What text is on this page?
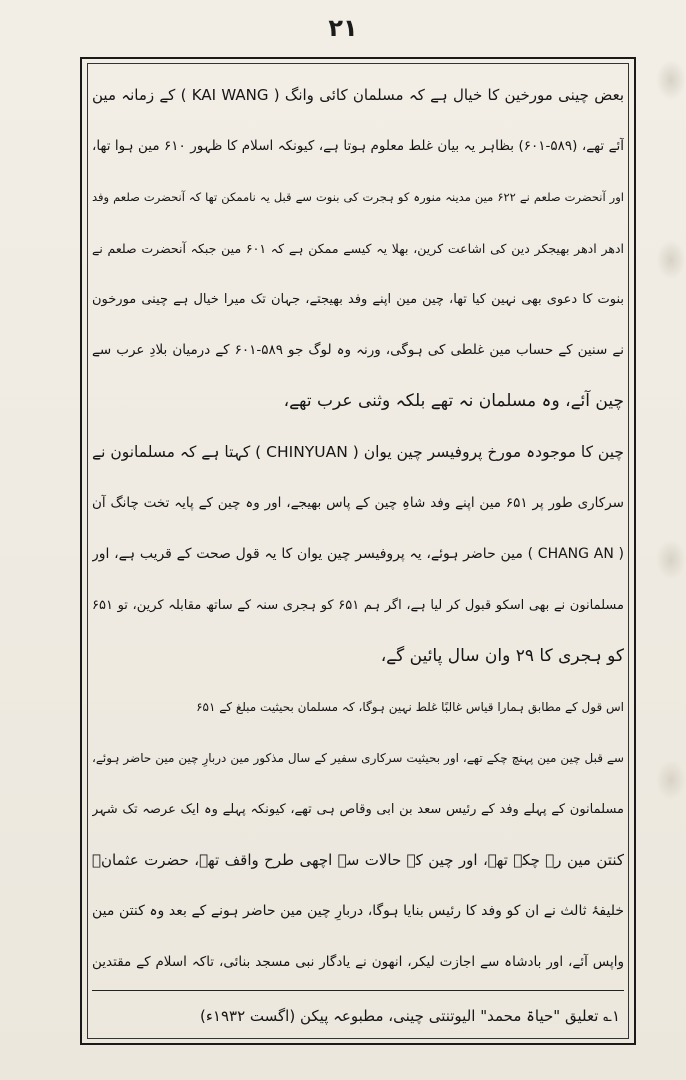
۲۱
بعض چینی مورخین کا خیال ہے کہ مسلمان کائی وانگ ( KAI WANG ) کے زمانہ مین
آئے تھے، (۵۸۹-۶۰۱) بظاہر یہ بیان غلط معلوم ہوتا ہے، کیونکہ اسلام کا ظہور ۶۱۰ مین ہوا تھا،
اور آنحضرت صلعم نے ۶۲۲ مین مدینہ منورہ کو ہجرت کی بنوت سے قبل یہ ناممکن تھا کہ آنحضرت صلعم وفد
ادھر ادھر بھیجکر دین کی اشاعت کرین، بھلا یہ کیسے ممکن ہے کہ ۶۰۱ مین جبکہ آنحضرت صلعم نے
بنوت کا دعوی بھی نہین کیا تھا، چین مین اپنے وفد بھیجتے، جہان تک میرا خیال ہے چینی مورخون
نے سنین کے حساب مین غلطی کی ہوگی، ورنہ وہ لوگ جو ۵۸۹-۶۰۱ کے درمیان بلادِ عرب سے
چین آئے، وہ مسلمان نہ تھے بلکہ وثنی عرب تھے،
چین کا موجودہ مورخ پروفیسر چین یوان ( CHINYUAN ) کہتا ہے کہ مسلمانون نے
سرکاری طور پر ۶۵۱ مین اپنے وفد شاہِ چین کے پاس بھیجے، اور وہ چین کے پایہ تخت چانگ آن
( CHANG AN ) مین حاضر ہوئے، یہ پروفیسر چین یوان کا یہ قول صحت کے قریب ہے، اور
مسلمانون نے بھی اسکو قبول کر لیا ہے، اگر ہم ۶۵۱ کو ہجری سنہ کے ساتھ مقابلہ کرین، تو ۶۵۱
کو ہجری کا ۲۹ وان سال پائین گے،
اس قول کے مطابق ہمارا قیاس غالبًا غلط نہین ہوگا، کہ مسلمان بحیثیت مبلغ کے ۶۵۱
سے قبل چین مین پہنچ چکے تھے، اور بحیثیت سرکاری سفیر کے سال مذکور مین دربارِ چین مین حاضر ہوئے،
مسلمانون کے پہلے وفد کے رئیس سعد بن ابی وقاص ہی تھے، کیونکہ پہلے وہ ایک عرصہ تک شہر
کنتن مین رہ چکے تھے، اور چین کے حالات سے اچھی طرح واقف تھے، حضرت عثمانؓ
خلیفۂ ثالث نے ان کو وفد کا رئیس بنایا ہوگا، دربارِ چین مین حاضر ہونے کے بعد وہ کنتن مین
واپس آئے، اور بادشاہ سے اجازت لیکر، انھون نے یادگار نبی مسجد بنائی، تاکہ اسلام کے مقتدین
۱؎ تعلیق "حیاۃ محمد" الیوتنتی چینی، مطبوعہ پیکن (اگست ۱۹۳۲ء)
